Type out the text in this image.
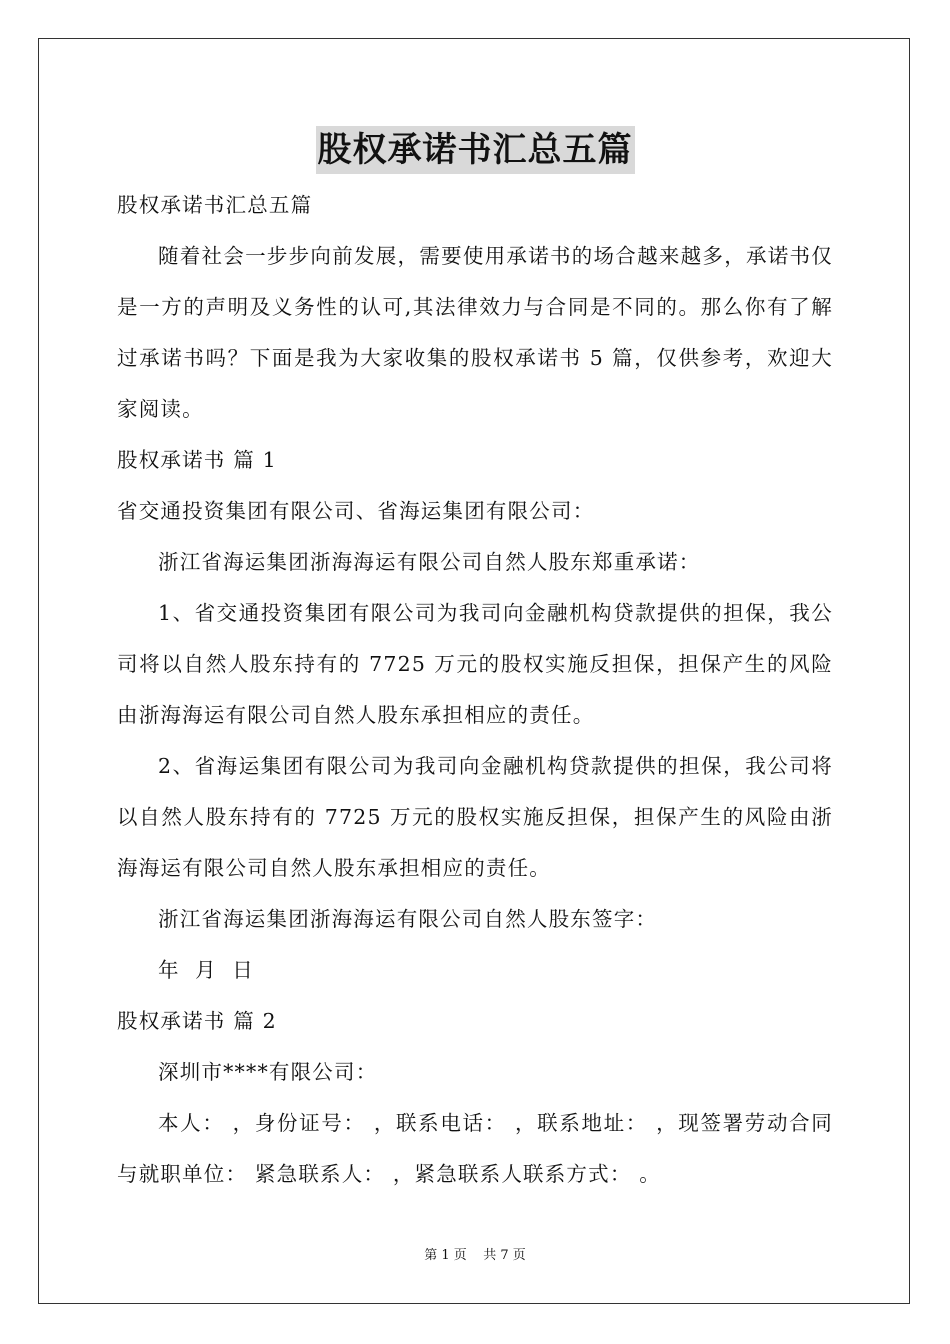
股权承诺书汇总五篇

股权承诺书汇总五篇

随着社会一步步向前发展，需要使用承诺书的场合越来越多，承诺书仅是一方的声明及义务性的认可,其法律效力与合同是不同的。那么你有了解过承诺书吗？下面是我为大家收集的股权承诺书 5 篇，仅供参考，欢迎大家阅读。

股权承诺书 篇 1

省交通投资集团有限公司、省海运集团有限公司：

浙江省海运集团浙海海运有限公司自然人股东郑重承诺：

1、省交通投资集团有限公司为我司向金融机构贷款提供的担保，我公司将以自然人股东持有的 7725 万元的股权实施反担保，担保产生的风险由浙海海运有限公司自然人股东承担相应的责任。

2、省海运集团有限公司为我司向金融机构贷款提供的担保，我公司将以自然人股东持有的 7725 万元的股权实施反担保，担保产生的风险由浙海海运有限公司自然人股东承担相应的责任。

浙江省海运集团浙海海运有限公司自然人股东签字：

年  月  日

股权承诺书 篇 2

深圳市****有限公司：

本人： ，身份证号： ，联系电话： ，联系地址： ，现签署劳动合同与就职单位： 紧急联系人： ，紧急联系人联系方式： 。

第 1 页    共 7 页
